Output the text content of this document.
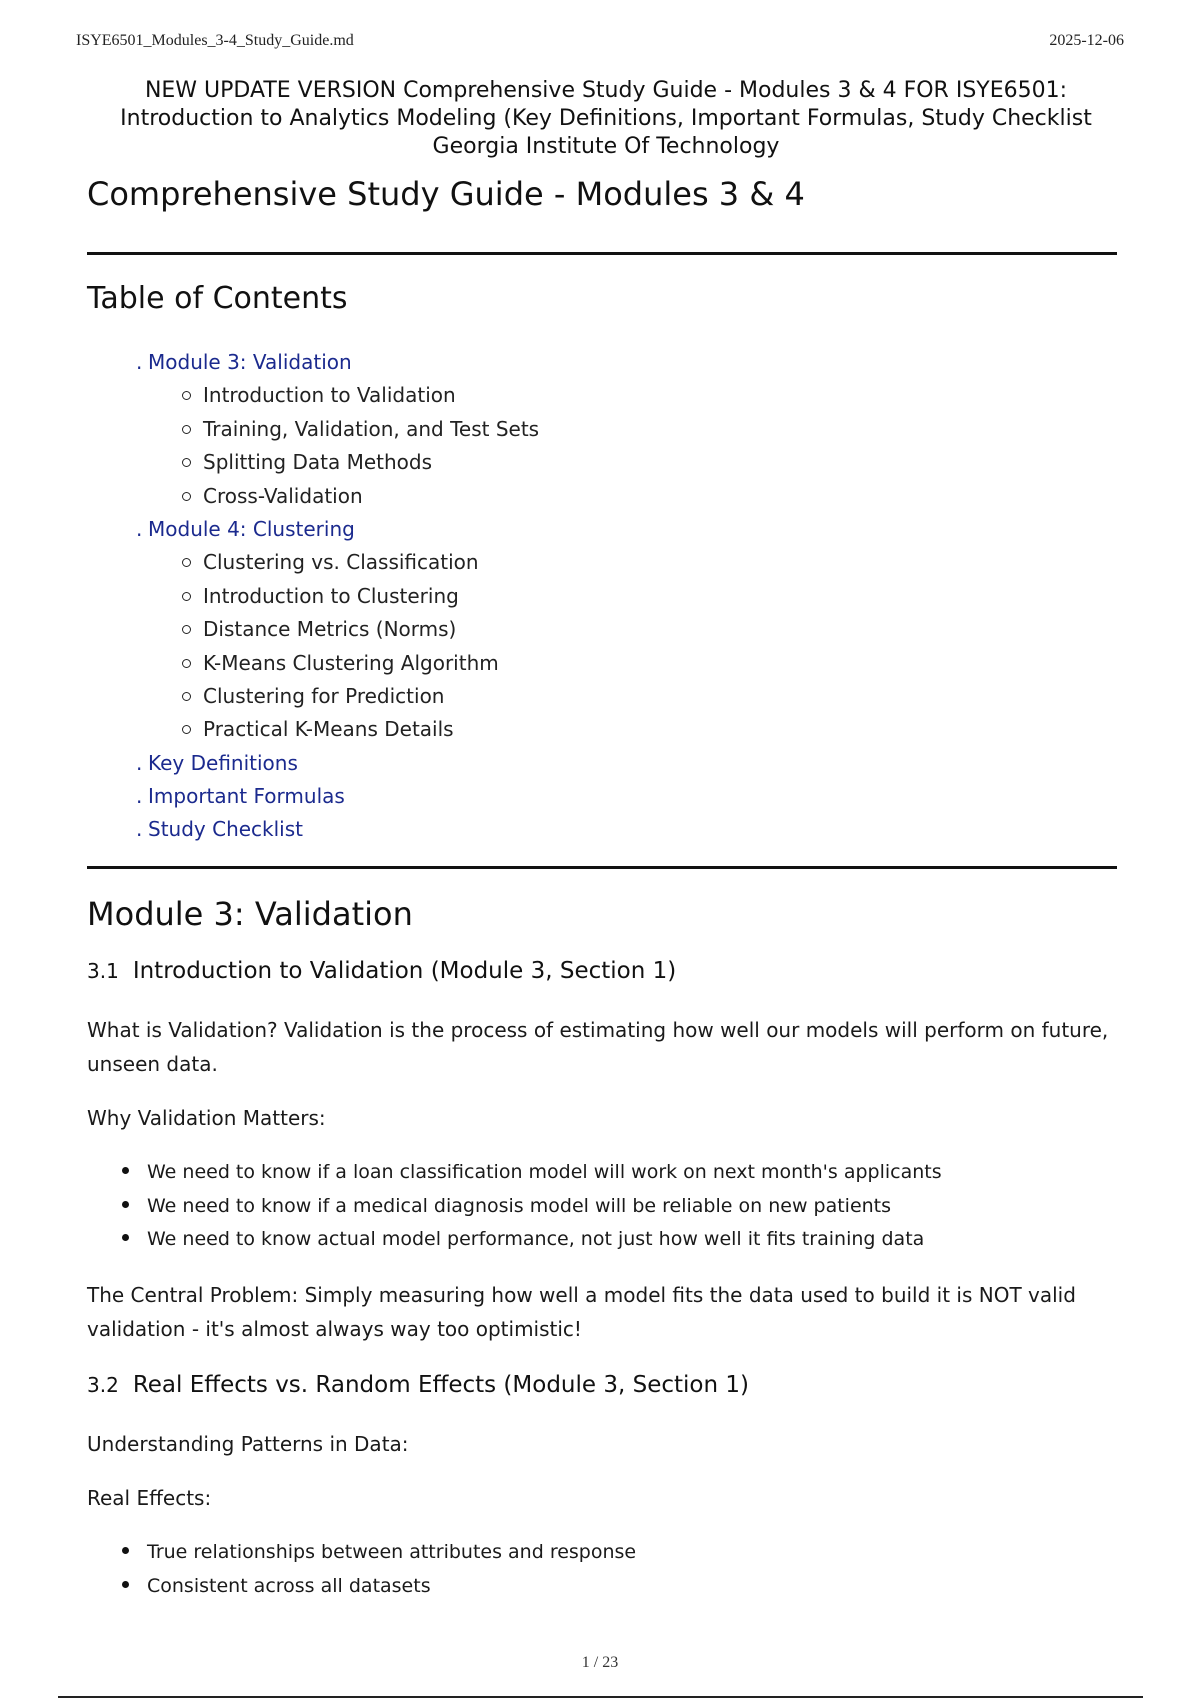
ISYE6501_Modules_3-4_Study_Guide.md	2025-12-06
NEW UPDATE VERSION Comprehensive Study Guide - Modules 3 & 4 FOR ISYE6501: Introduction to Analytics Modeling (Key Definitions, Important Formulas, Study Checklist Georgia Institute Of Technology
Comprehensive Study Guide - Modules 3 & 4
Table of Contents
. Module 3: Validation
Introduction to Validation
Training, Validation, and Test Sets
Splitting Data Methods
Cross-Validation
. Module 4: Clustering
Clustering vs. Classification
Introduction to Clustering
Distance Metrics (Norms)
K-Means Clustering Algorithm
Clustering for Prediction
Practical K-Means Details
. Key Definitions
. Important Formulas
. Study Checklist
Module 3: Validation
3.1 Introduction to Validation (Module 3, Section 1)
What is Validation? Validation is the process of estimating how well our models will perform on future, unseen data.
Why Validation Matters:
We need to know if a loan classification model will work on next month's applicants
We need to know if a medical diagnosis model will be reliable on new patients
We need to know actual model performance, not just how well it fits training data
The Central Problem: Simply measuring how well a model fits the data used to build it is NOT valid validation - it's almost always way too optimistic!
3.2 Real Effects vs. Random Effects (Module 3, Section 1)
Understanding Patterns in Data:
Real Effects:
True relationships between attributes and response
Consistent across all datasets
1 / 23
